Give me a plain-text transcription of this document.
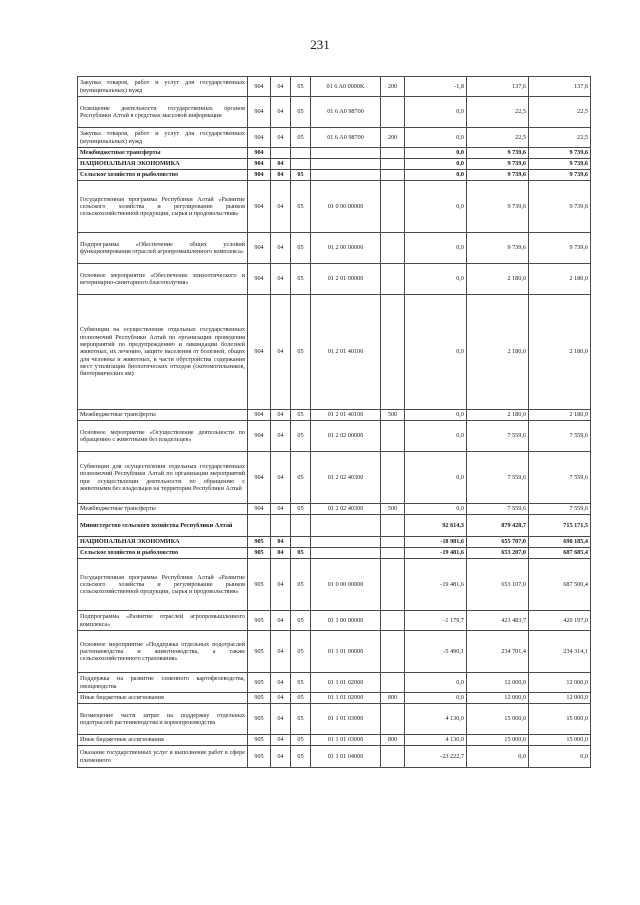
231
Закупка товаров, работ и услуг для государственных (муниципальных) нужд	904	04	05	01 6 A0 0000K	200	-1,8	137,6	137,6
Освещение деятельности государственных органов Республики Алтай в средствах массовой информации	904	04	05	01 6 A0 98700		0,0	22,5	22,5
Закупка товаров, работ и услуг для государственных (муниципальных) нужд	904	04	05	01 6 A0 98700	200	0,0	22,5	22,5
Межбюджетные трансферты	904					0,0	9 739,6	9 739,6
НАЦИОНАЛЬНАЯ ЭКОНОМИКА	904	04				0,0	9 739,6	9 739,6
Сельское хозяйство и рыболовство	904	04	05			0,0	9 739,6	9 739,6
Государственная программа Республики Алтай «Развитие сельского хозяйства и регулирование рынков сельскохозяйственной продукции, сырья и продовольствия»	904	04	05	01 0 00 00000		0,0	9 739,6	9 739,6
Подпрограмма «Обеспечение общих условий функционирования отраслей агропромышленного комплекса»	904	04	05	01 2 00 00000		0,0	9 739,6	9 739,6
Основное мероприятие «Обеспечение эпизоотического и ветеринарно-санитарного благополучия»	904	04	05	01 2 01 00000		0,0	2 180,0	2 180,0
Субвенции на осуществление отдельных государственных полномочий Республики Алтай по организации проведения мероприятий по предупреждению и ликвидации болезней животных, их лечению, защите населения от болезней, общих для человека и животных, в части обустройства содержания мест утилизации биологических отходов (скотомогильников, биотермических ям)	904	04	05	01 2 01 40100		0,0	2 180,0	2 180,0
Межбюджетные трансферты	904	04	05	01 2 01 40100	500	0,0	2 180,0	2 180,0
Основное мероприятие «Осуществление деятельности по обращению с животными без владельцев»	904	04	05	01 2 02 00000		0,0	7 559,6	7 559,6
Субвенции для осуществления отдельных государственных полномочий Республики Алтай по организации мероприятий при осуществлении деятельности по обращению с животными без владельцев на территории Республики Алтай	904	04	05	01 2 02 40300		0,0	7 559,6	7 559,6
Межбюджетные трансферты	904	04	05	01 2 02 40300	500	0,0	7 559,6	7 559,6
Министерство сельского хозяйства Республики Алтай						92 614,3	879 428,7	715 171,5
НАЦИОНАЛЬНАЯ ЭКОНОМИКА	905	04				-18 981,6	655 707,0	690 185,4
Сельское хозяйство и рыболовство	905	04	05			-19 481,6	653 207,0	687 685,4
Государственная программа Республики Алтай «Развитие сельского хозяйства и регулирование рынков сельскохозяйственной продукции, сырья и продовольствия»	905	04	05	01 0 00 00000		-19 481,6	653 107,0	687 500,4
Подпрограмма «Развитие отраслей агропромышленного комплекса»	905	04	05	01 1 00 00000		-1 179,7	423 483,7	420 197,0
Основное мероприятие «Поддержка отдельных подотраслей растениеводства и животноводства, а также сельскохозяйственного страхования»	905	04	05	01 1 01 00000		-5 490,1	234 701,4	234 314,1
Поддержка на развитие семенного картофелеводства, овощеводства	905	04	05	01 1 01 02000		0,0	12 000,0	12 000,0
Иные бюджетные ассигнования	905	04	05	01 1 01 02000	800	0,0	12 000,0	12 000,0
Возмещение части затрат на поддержку отдельных подотраслей растениеводства и кормопроизводства	905	04	05	01 1 01 03000		4 130,0	15 000,0	15 000,0
Иные бюджетные ассигнования	905	04	05	01 1 01 03000	800	4 130,0	15 000,0	15 000,0
Оказание государственных услуг и выполнение работ в сфере племенного	905	04	05	01 1 01 04000		-23 222,7	0,0	0,0
